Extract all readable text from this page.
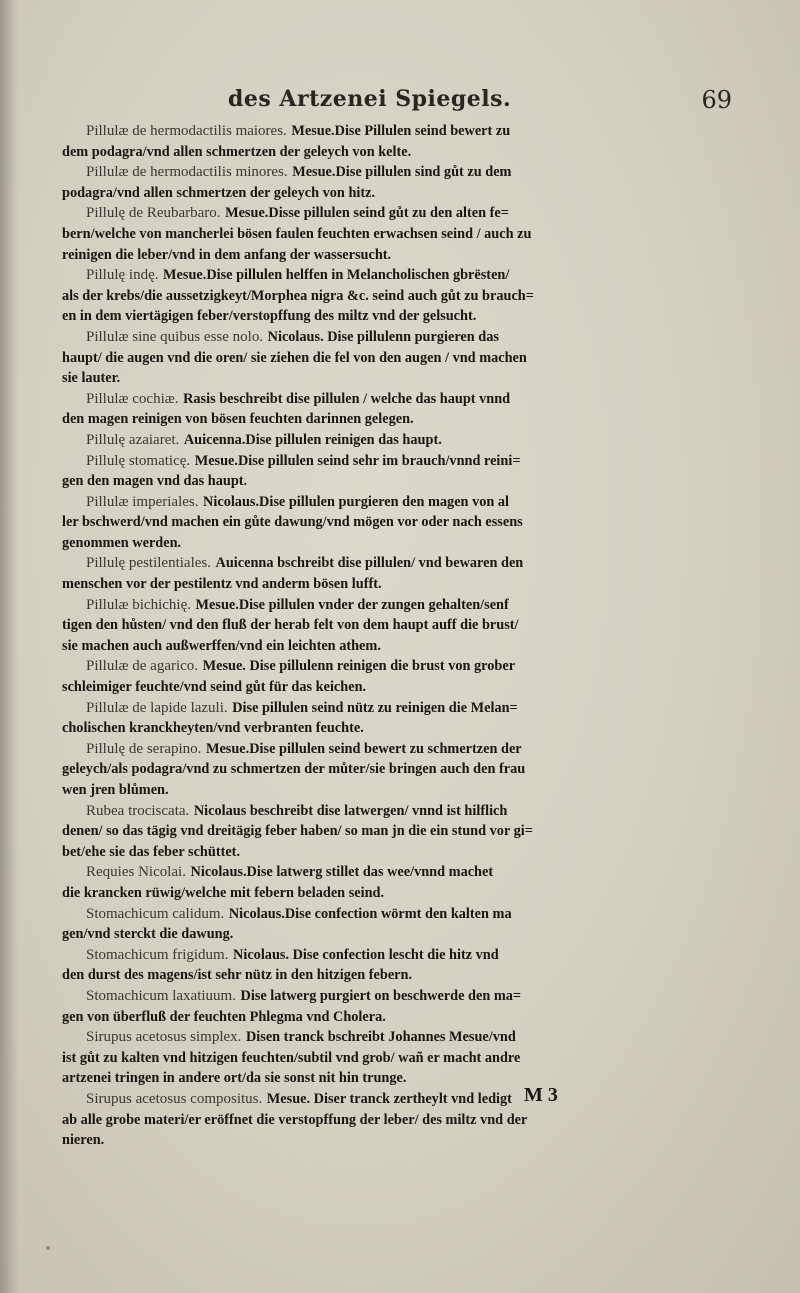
des Artzenei Spiegels.	69
Pillulæ de hermodactilis maiores. Mesue.Dise Pillulen seind bewert zu
dem podagra/vnd allen schmertzen der geleych von kelte.
Pillulæ de hermodactilis minores. Mesue.Dise pillulen sind gůt zu dem
podagra/vnd allen schmertzen der geleych von hitz.
Pillulę de Reubarbaro. Mesue.Disse pillulen seind gůt zu den alten fe=
bern/welche von mancherlei bösen faulen feuchten erwachsen seind / auch zu
reinigen die leber/vnd in dem anfang der wassersucht.
Pillulę indę. Mesue.Dise pillulen helffen in Melancholischen gbrësten/
als der krebs/die aussetzigkeyt/Morphea nigra &c. seind auch gůt zu brauch=
en in dem viertägigen feber/verstopffung des miltz vnd der gelsucht.
Pillulæ sine quibus esse nolo. Nicolaus. Dise pillulenn purgieren das
haupt/ die augen vnd die oren/ sie ziehen die fel von den augen / vnd machen
sie lauter.
Pillulæ cochiæ. Rasis beschreibt dise pillulen / welche das haupt vnnd
den magen reinigen von bösen feuchten darinnen gelegen.
Pillulę azaiaret. Auicenna.Dise pillulen reinigen das haupt.
Pillulę stomaticę. Mesue.Dise pillulen seind sehr im brauch/vnnd reini=
gen den magen vnd das haupt.
Pillulæ imperiales. Nicolaus.Dise pillulen purgieren den magen von al
ler bschwerd/vnd machen ein gůte dawung/vnd mögen vor oder nach essens
genommen werden.
Pillulę pestilentiales. Auicenna bschreibt dise pillulen/ vnd bewaren den
menschen vor der pestilentz vnd anderm bösen lufft.
Pillulæ bichichię. Mesue.Dise pillulen vnder der zungen gehalten/senf
tigen den hůsten/ vnd den fluß der herab felt von dem haupt auff die brust/
sie machen auch außwerffen/vnd ein leichten athem.
Pillulæ de agarico. Mesue. Dise pillulenn reinigen die brust von grober
schleimiger feuchte/vnd seind gůt für das keichen.
Pillulæ de lapide lazuli. Dise pillulen seind nütz zu reinigen die Melan=
cholischen kranckheyten/vnd verbranten feuchte.
Pillulę de serapino. Mesue.Dise pillulen seind bewert zu schmertzen der
geleych/als podagra/vnd zu schmertzen der můter/sie bringen auch den frau
wen jren blůmen.
Rubea trociscata. Nicolaus beschreibt dise latwergen/ vnnd ist hilflich
denen/ so das tägig vnd dreitägig feber haben/ so man jn die ein stund vor gi=
bet/ehe sie das feber schüttet.
Requies Nicolai. Nicolaus.Dise latwerg stillet das wee/vnnd machet
die krancken rüwig/welche mit febern beladen seind.
Stomachicum calidum. Nicolaus.Dise confection wörmt den kalten ma
gen/vnd sterckt die dawung.
Stomachicum frigidum. Nicolaus. Dise confection lescht die hitz vnd
den durst des magens/ist sehr nütz in den hitzigen febern.
Stomachicum laxatiuum. Dise latwerg purgiert on beschwerde den ma=
gen von überfluß der feuchten Phlegma vnd Cholera.
Sirupus acetosus simplex. Disen tranck bschreibt Johannes Mesue/vnd
ist gůt zu kalten vnd hitzigen feuchten/subtil vnd grob/ wañ er macht andre
artzenei tringen in andere ort/da sie sonst nit hin trunge.
Sirupus acetosus compositus. Mesue. Diser tranck zertheylt vnd ledigt
ab alle grobe materi/er eröffnet die verstopffung der leber/ des miltz vnd der
nieren.
M 3
